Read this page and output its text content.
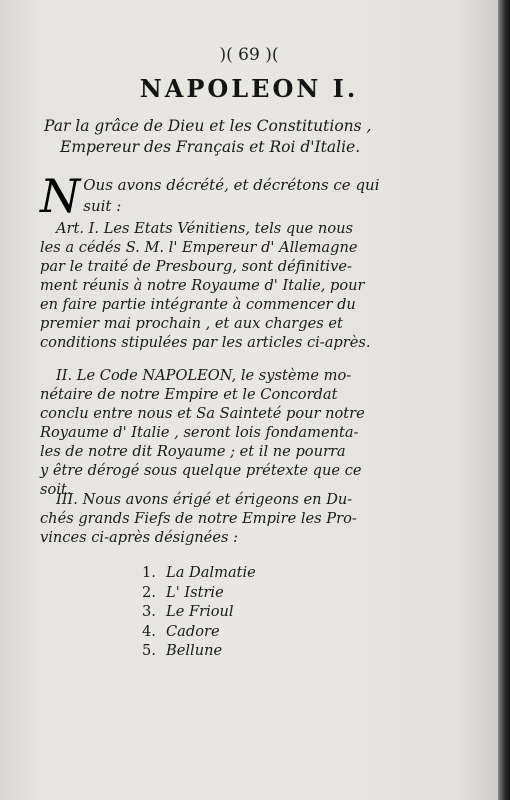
)( 69 )(
NAPOLEON I.
Par la grâce de Dieu et les Constitutions ,
Empereur des Français et Roi d'Italie.
N Ous avons décrété, et décrétons ce qui
suit :
Art. I. Les Etats Vénitiens, tels que nous
les a cédés S. M. l' Empereur d' Allemagne
par le traité de Presbourg, sont définitive-
ment réunis à notre Royaume d' Italie, pour
en faire partie intégrante à commencer du
premier mai prochain , et aux charges et
conditions stipulées par les articles ci-après.
II. Le Code NAPOLEON, le système mo-
nétaire de notre Empire et le Concordat
conclu entre nous et Sa Sainteté pour notre
Royaume d' Italie , seront lois fondamenta-
les de notre dit Royaume ; et il ne pourra
y être dérogé sous quelque prétexte que ce
soit.
III. Nous avons érigé et érigeons en Du-
chés grands Fiefs de notre Empire les Pro-
vinces ci-après désignées :
1. La Dalmatie
2. L' Istrie
3. Le Frioul
4. Cadore
5. Bellune
